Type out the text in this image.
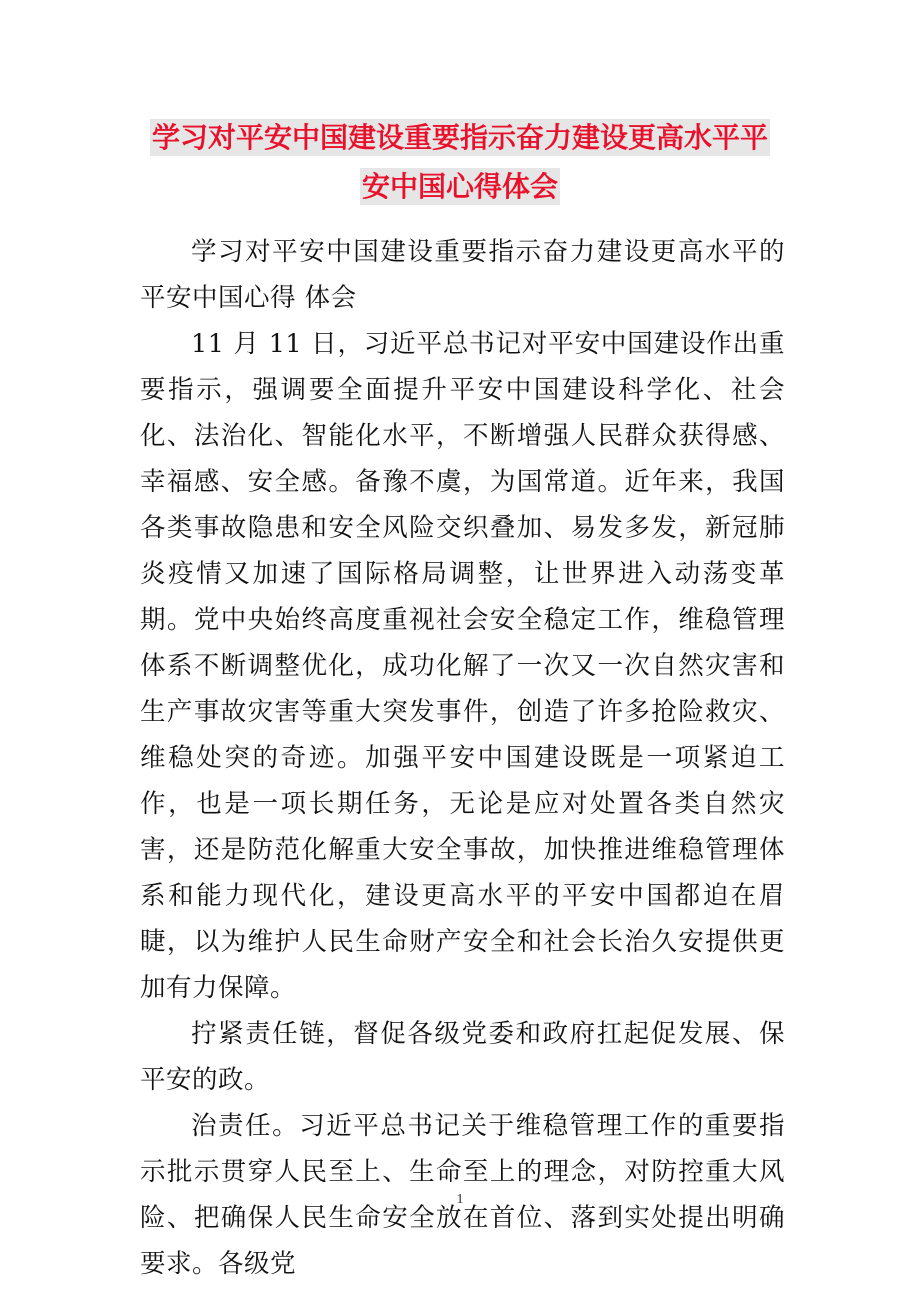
学习对平安中国建设重要指示奋力建设更高水平平
安中国心得体会

学习对平安中国建设重要指示奋力建设更高水平的平安中国心得 体会

11 月 11 日，习近平总书记对平安中国建设作出重要指示，强调要全面提升平安中国建设科学化、社会化、法治化、智能化水平，不断增强人民群众获得感、幸福感、安全感。备豫不虞，为国常道。近年来，我国各类事故隐患和安全风险交织叠加、易发多发，新冠肺炎疫情又加速了国际格局调整，让世界进入动荡变革期。党中央始终高度重视社会安全稳定工作，维稳管理体系不断调整优化，成功化解了一次又一次自然灾害和生产事故灾害等重大突发事件，创造了许多抢险救灾、维稳处突的奇迹。加强平安中国建设既是一项紧迫工作，也是一项长期任务，无论是应对处置各类自然灾害，还是防范化解重大安全事故，加快推进维稳管理体系和能力现代化，建设更高水平的平安中国都迫在眉睫，以为维护人民生命财产安全和社会长治久安提供更加有力保障。

拧紧责任链，督促各级党委和政府扛起促发展、保平安的政。

治责任。习近平总书记关于维稳管理工作的重要指示批示贯穿人民至上、生命至上的理念，对防控重大风险、把确保人民生命安全放在首位、落到实处提出明确要求。各级党

1
